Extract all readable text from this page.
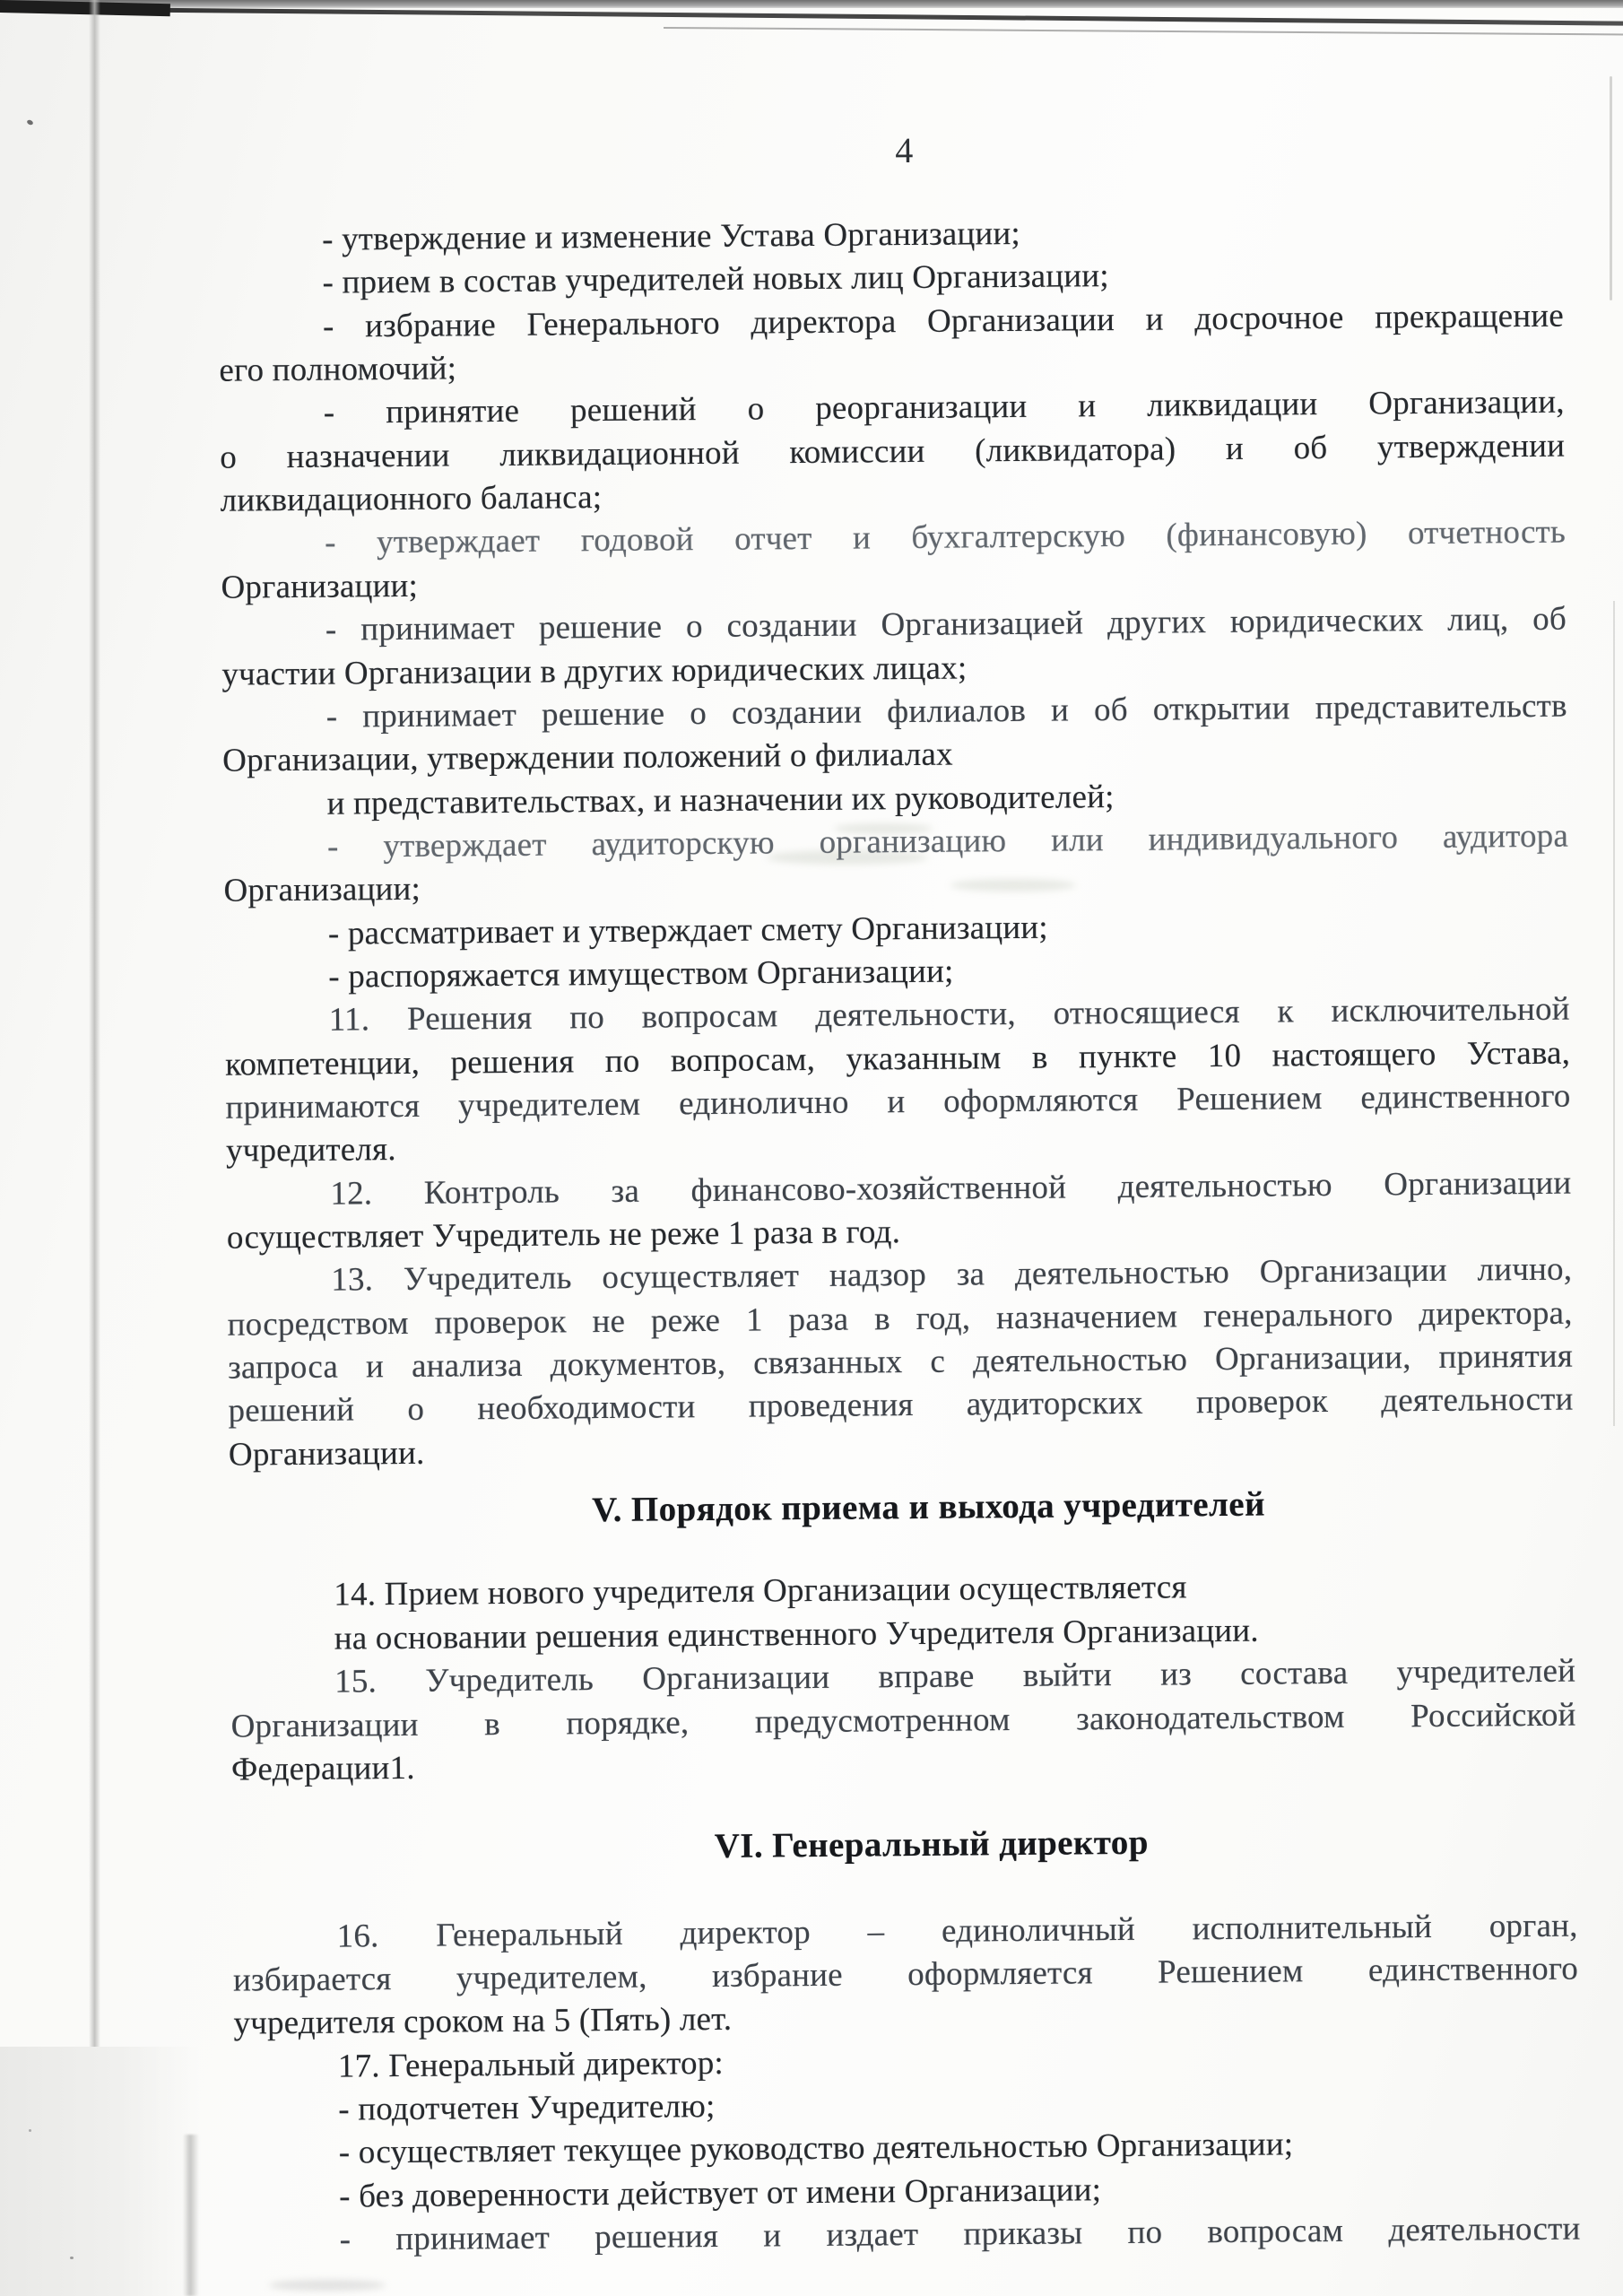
4
- утверждение и изменение Устава Организации;
- прием в состав учредителей новых лиц Организации;
- избрание Генерального директора Организации и досрочное прекращение
его полномочий;
- принятие решений о реорганизации и ликвидации Организации,
о назначении ликвидационной комиссии (ликвидатора) и об утверждении
ликвидационного баланса;
- утверждает годовой отчет и бухгалтерскую (финансовую) отчетность
Организации;
- принимает решение о создании Организацией других юридических лиц, об
участии Организации в других юридических лицах;
- принимает решение о создании филиалов и об открытии представительств
Организации, утверждении положений о филиалах
и представительствах, и назначении их руководителей;
- утверждает аудиторскую организацию или индивидуального аудитора
Организации;
- рассматривает и утверждает смету Организации;
- распоряжается имуществом Организации;
11. Решения по вопросам деятельности, относящиеся к исключительной
компетенции, решения по вопросам, указанным в пункте 10 настоящего Устава,
принимаются учредителем единолично и оформляются Решением единственного
учредителя.
12. Контроль за финансово-хозяйственной деятельностью Организации
осуществляет Учредитель не реже 1 раза в год.
13. Учредитель осуществляет надзор за деятельностью Организации лично,
посредством проверок не реже 1 раза в год, назначением генерального директора,
запроса и анализа документов, связанных с деятельностью Организации, принятия
решений о необходимости проведения аудиторских проверок деятельности
Организации.
V. Порядок приема и выхода учредителей
14. Прием нового учредителя Организации осуществляется
на основании решения единственного Учредителя Организации.
15. Учредитель Организации вправе выйти из состава учредителей
Организации в порядке, предусмотренном законодательством Российской
Федерации1.
VI. Генеральный директор
16. Генеральный директор – единоличный исполнительный орган,
избирается учредителем, избрание оформляется Решением единственного
учредителя сроком на 5 (Пять) лет.
17. Генеральный директор:
- подотчетен Учредителю;
- осуществляет текущее руководство деятельностью Организации;
- без доверенности действует от имени Организации;
- принимает решения и издает приказы по вопросам деятельности
